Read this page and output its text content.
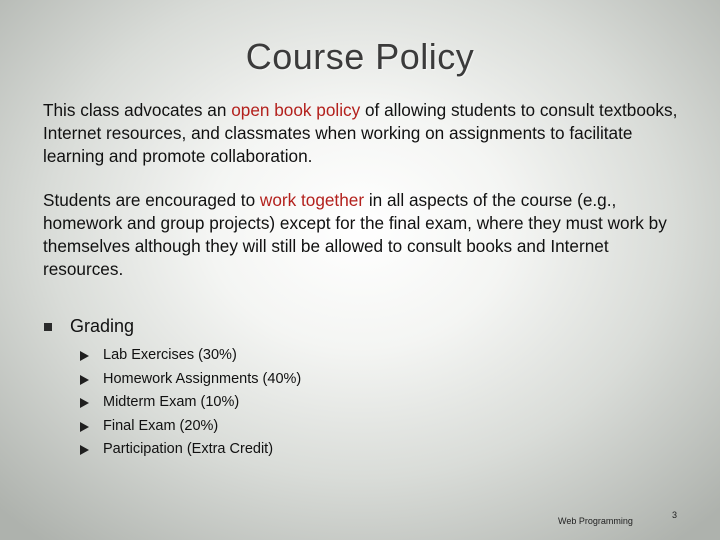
Course Policy
This class advocates an open book policy of allowing students to consult textbooks, Internet resources, and classmates when working on assignments to facilitate learning and promote collaboration.
Students are encouraged to work together in all aspects of the course (e.g., homework and group projects) except for the final exam, where they must work by themselves although they will still be allowed to consult books and Internet resources.
Grading
Lab Exercises (30%)
Homework Assignments (40%)
Midterm Exam (10%)
Final Exam (20%)
Participation (Extra Credit)
Web Programming
3
